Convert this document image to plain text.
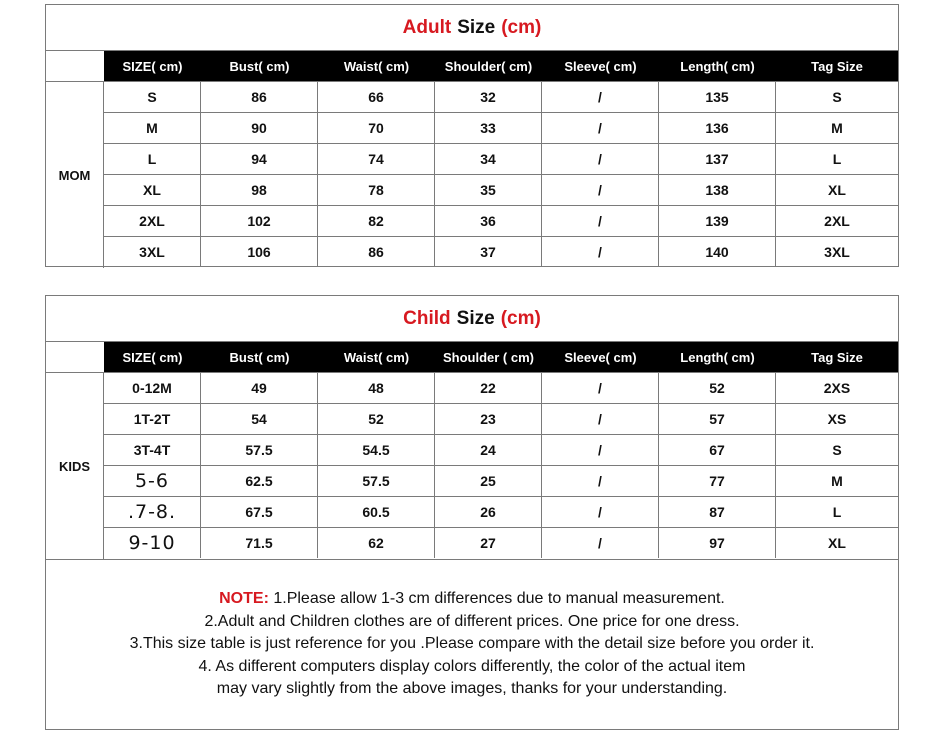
Adult Size (cm)
MOM
SIZE( cm)	Bust( cm)	Waist( cm)	Shoulder( cm)	Sleeve( cm)	Length( cm)	Tag Size
S	86	66	32	/	135	S
M	90	70	33	/	136	M
L	94	74	34	/	137	L
XL	98	78	35	/	138	XL
2XL	102	82	36	/	139	2XL
3XL	106	86	37	/	140	3XL
Child Size (cm)
KIDS
SIZE( cm)	Bust( cm)	Waist( cm)	Shoulder ( cm)	Sleeve( cm)	Length( cm)	Tag Size
0-12M	49	48	22	/	52	2XS
1T-2T	54	52	23	/	57	XS
3T-4T	57.5	54.5	24	/	67	S
5-6	62.5	57.5	25	/	77	M
.7-8.	67.5	60.5	26	/	87	L
9-10	71.5	62	27	/	97	XL
NOTE: 1.Please allow 1-3 cm differences due to manual measurement.
2.Adult and Children clothes are of different prices. One price for one dress.
3.This size table is just reference for you .Please compare with the detail size before you order it.
4. As different computers display colors differently, the color of the actual item
may vary slightly from the above images, thanks for your understanding.
